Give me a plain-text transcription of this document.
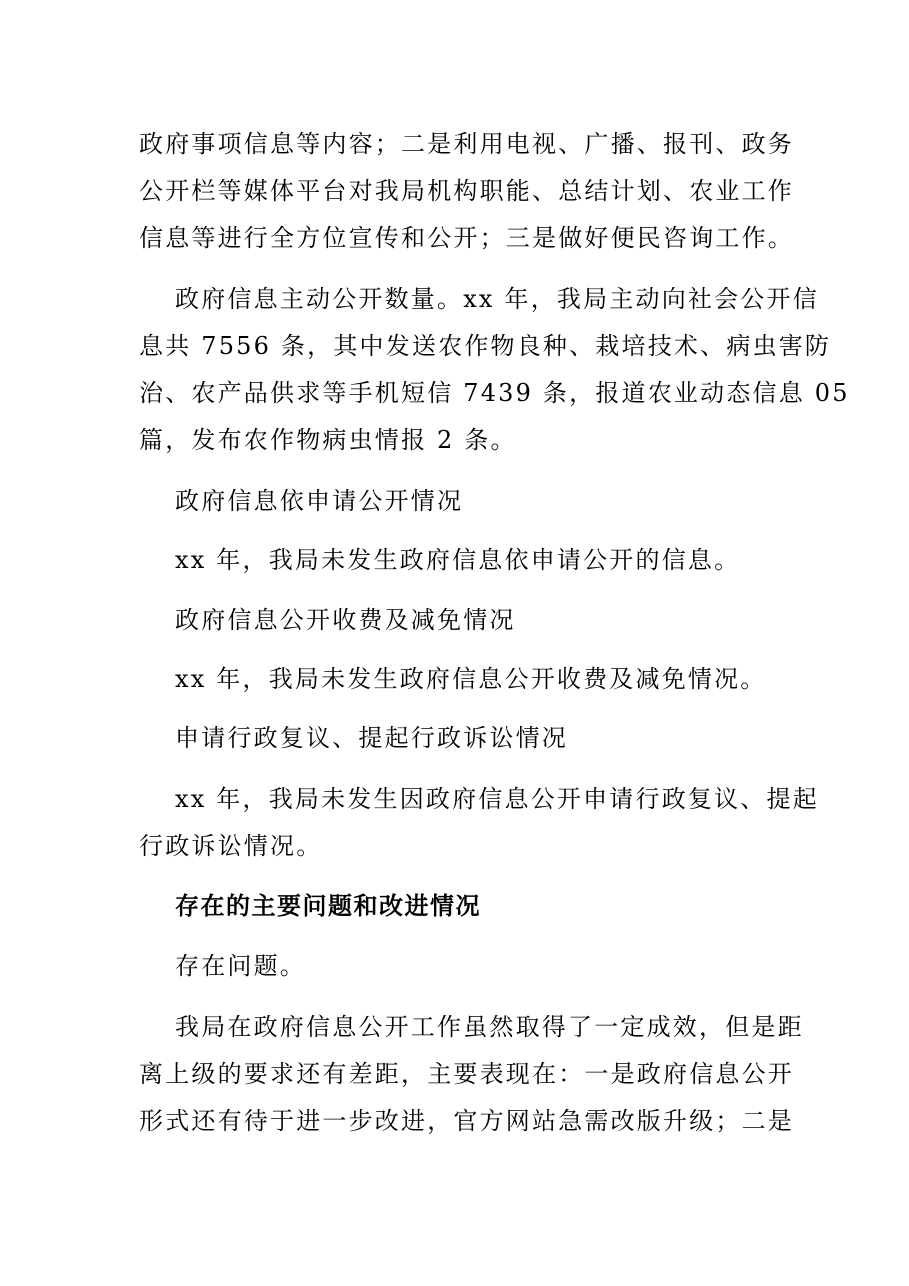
政府事项信息等内容；二是利用电视、广播、报刊、政务
公开栏等媒体平台对我局机构职能、总结计划、农业工作
信息等进行全方位宣传和公开；三是做好便民咨询工作。
政府信息主动公开数量。xx 年，我局主动向社会公开信
息共 7556 条，其中发送农作物良种、栽培技术、病虫害防
治、农产品供求等手机短信 7439 条，报道农业动态信息 05
篇，发布农作物病虫情报 2 条。
政府信息依申请公开情况
xx 年，我局未发生政府信息依申请公开的信息。
政府信息公开收费及减免情况
xx 年，我局未发生政府信息公开收费及减免情况。
申请行政复议、提起行政诉讼情况
xx 年，我局未发生因政府信息公开申请行政复议、提起
行政诉讼情况。
存在的主要问题和改进情况
存在问题。
我局在政府信息公开工作虽然取得了一定成效，但是距
离上级的要求还有差距，主要表现在：一是政府信息公开
形式还有待于进一步改进，官方网站急需改版升级；二是
